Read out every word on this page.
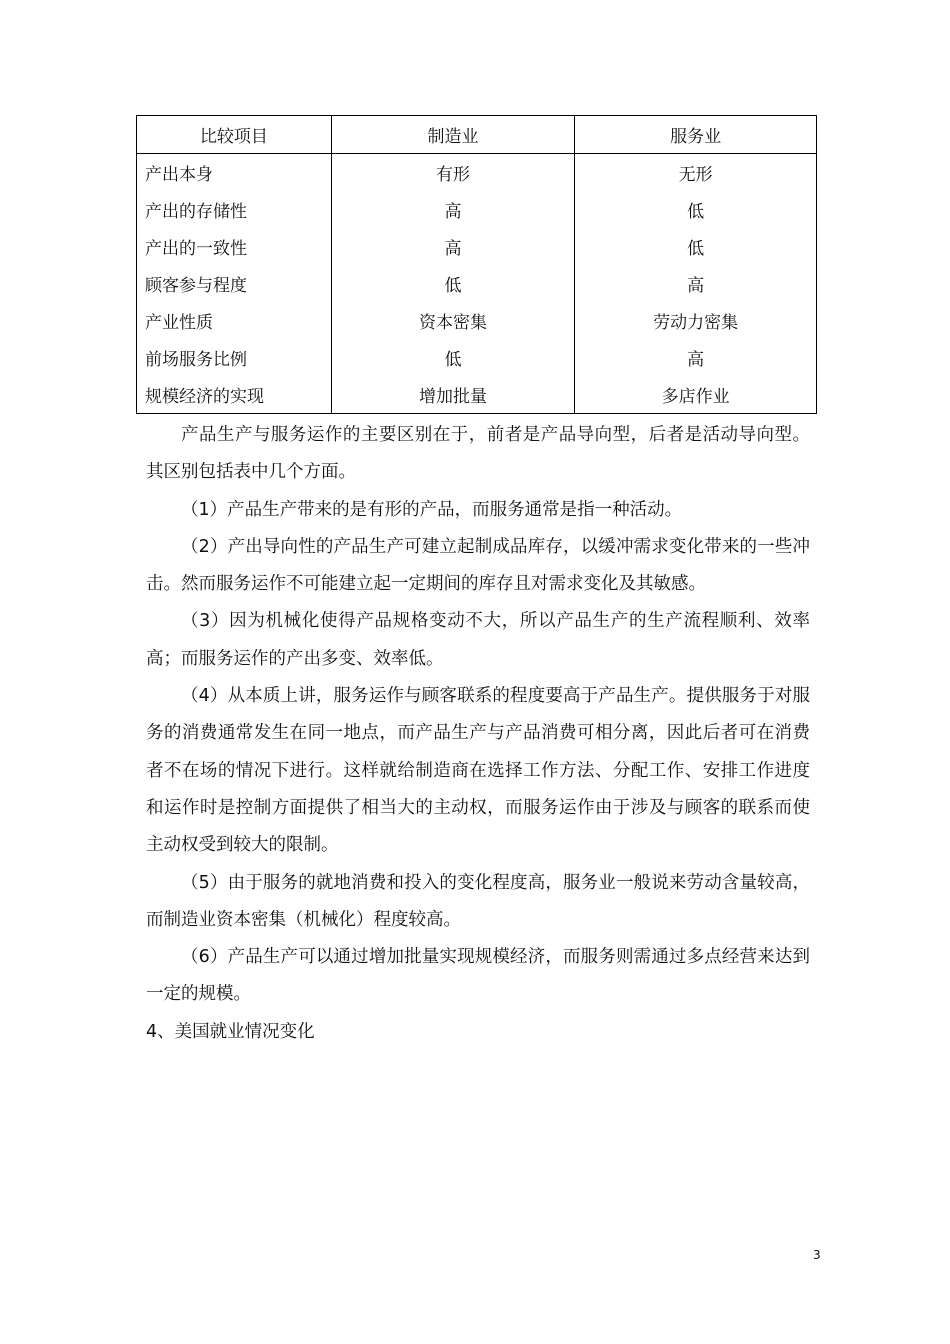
比较项目	制造业	服务业
产出本身	有形	无形
产出的存储性	高	低
产出的一致性	高	低
顾客参与程度	低	高
产业性质	资本密集	劳动力密集
前场服务比例	低	高
规模经济的实现	增加批量	多店作业

产品生产与服务运作的主要区别在于，前者是产品导向型，后者是活动导向型。其区别包括表中几个方面。

（1）产品生产带来的是有形的产品，而服务通常是指一种活动。

（2）产出导向性的产品生产可建立起制成品库存，以缓冲需求变化带来的一些冲击。然而服务运作不可能建立起一定期间的库存且对需求变化及其敏感。

（3）因为机械化使得产品规格变动不大，所以产品生产的生产流程顺利、效率高；而服务运作的产出多变、效率低。

（4）从本质上讲，服务运作与顾客联系的程度要高于产品生产。提供服务于对服务的消费通常发生在同一地点，而产品生产与产品消费可相分离，因此后者可在消费者不在场的情况下进行。这样就给制造商在选择工作方法、分配工作、安排工作进度和运作时是控制方面提供了相当大的主动权，而服务运作由于涉及与顾客的联系而使主动权受到较大的限制。

（5）由于服务的就地消费和投入的变化程度高，服务业一般说来劳动含量较高，而制造业资本密集（机械化）程度较高。

（6）产品生产可以通过增加批量实现规模经济，而服务则需通过多点经营来达到一定的规模。

4、美国就业情况变化

3
